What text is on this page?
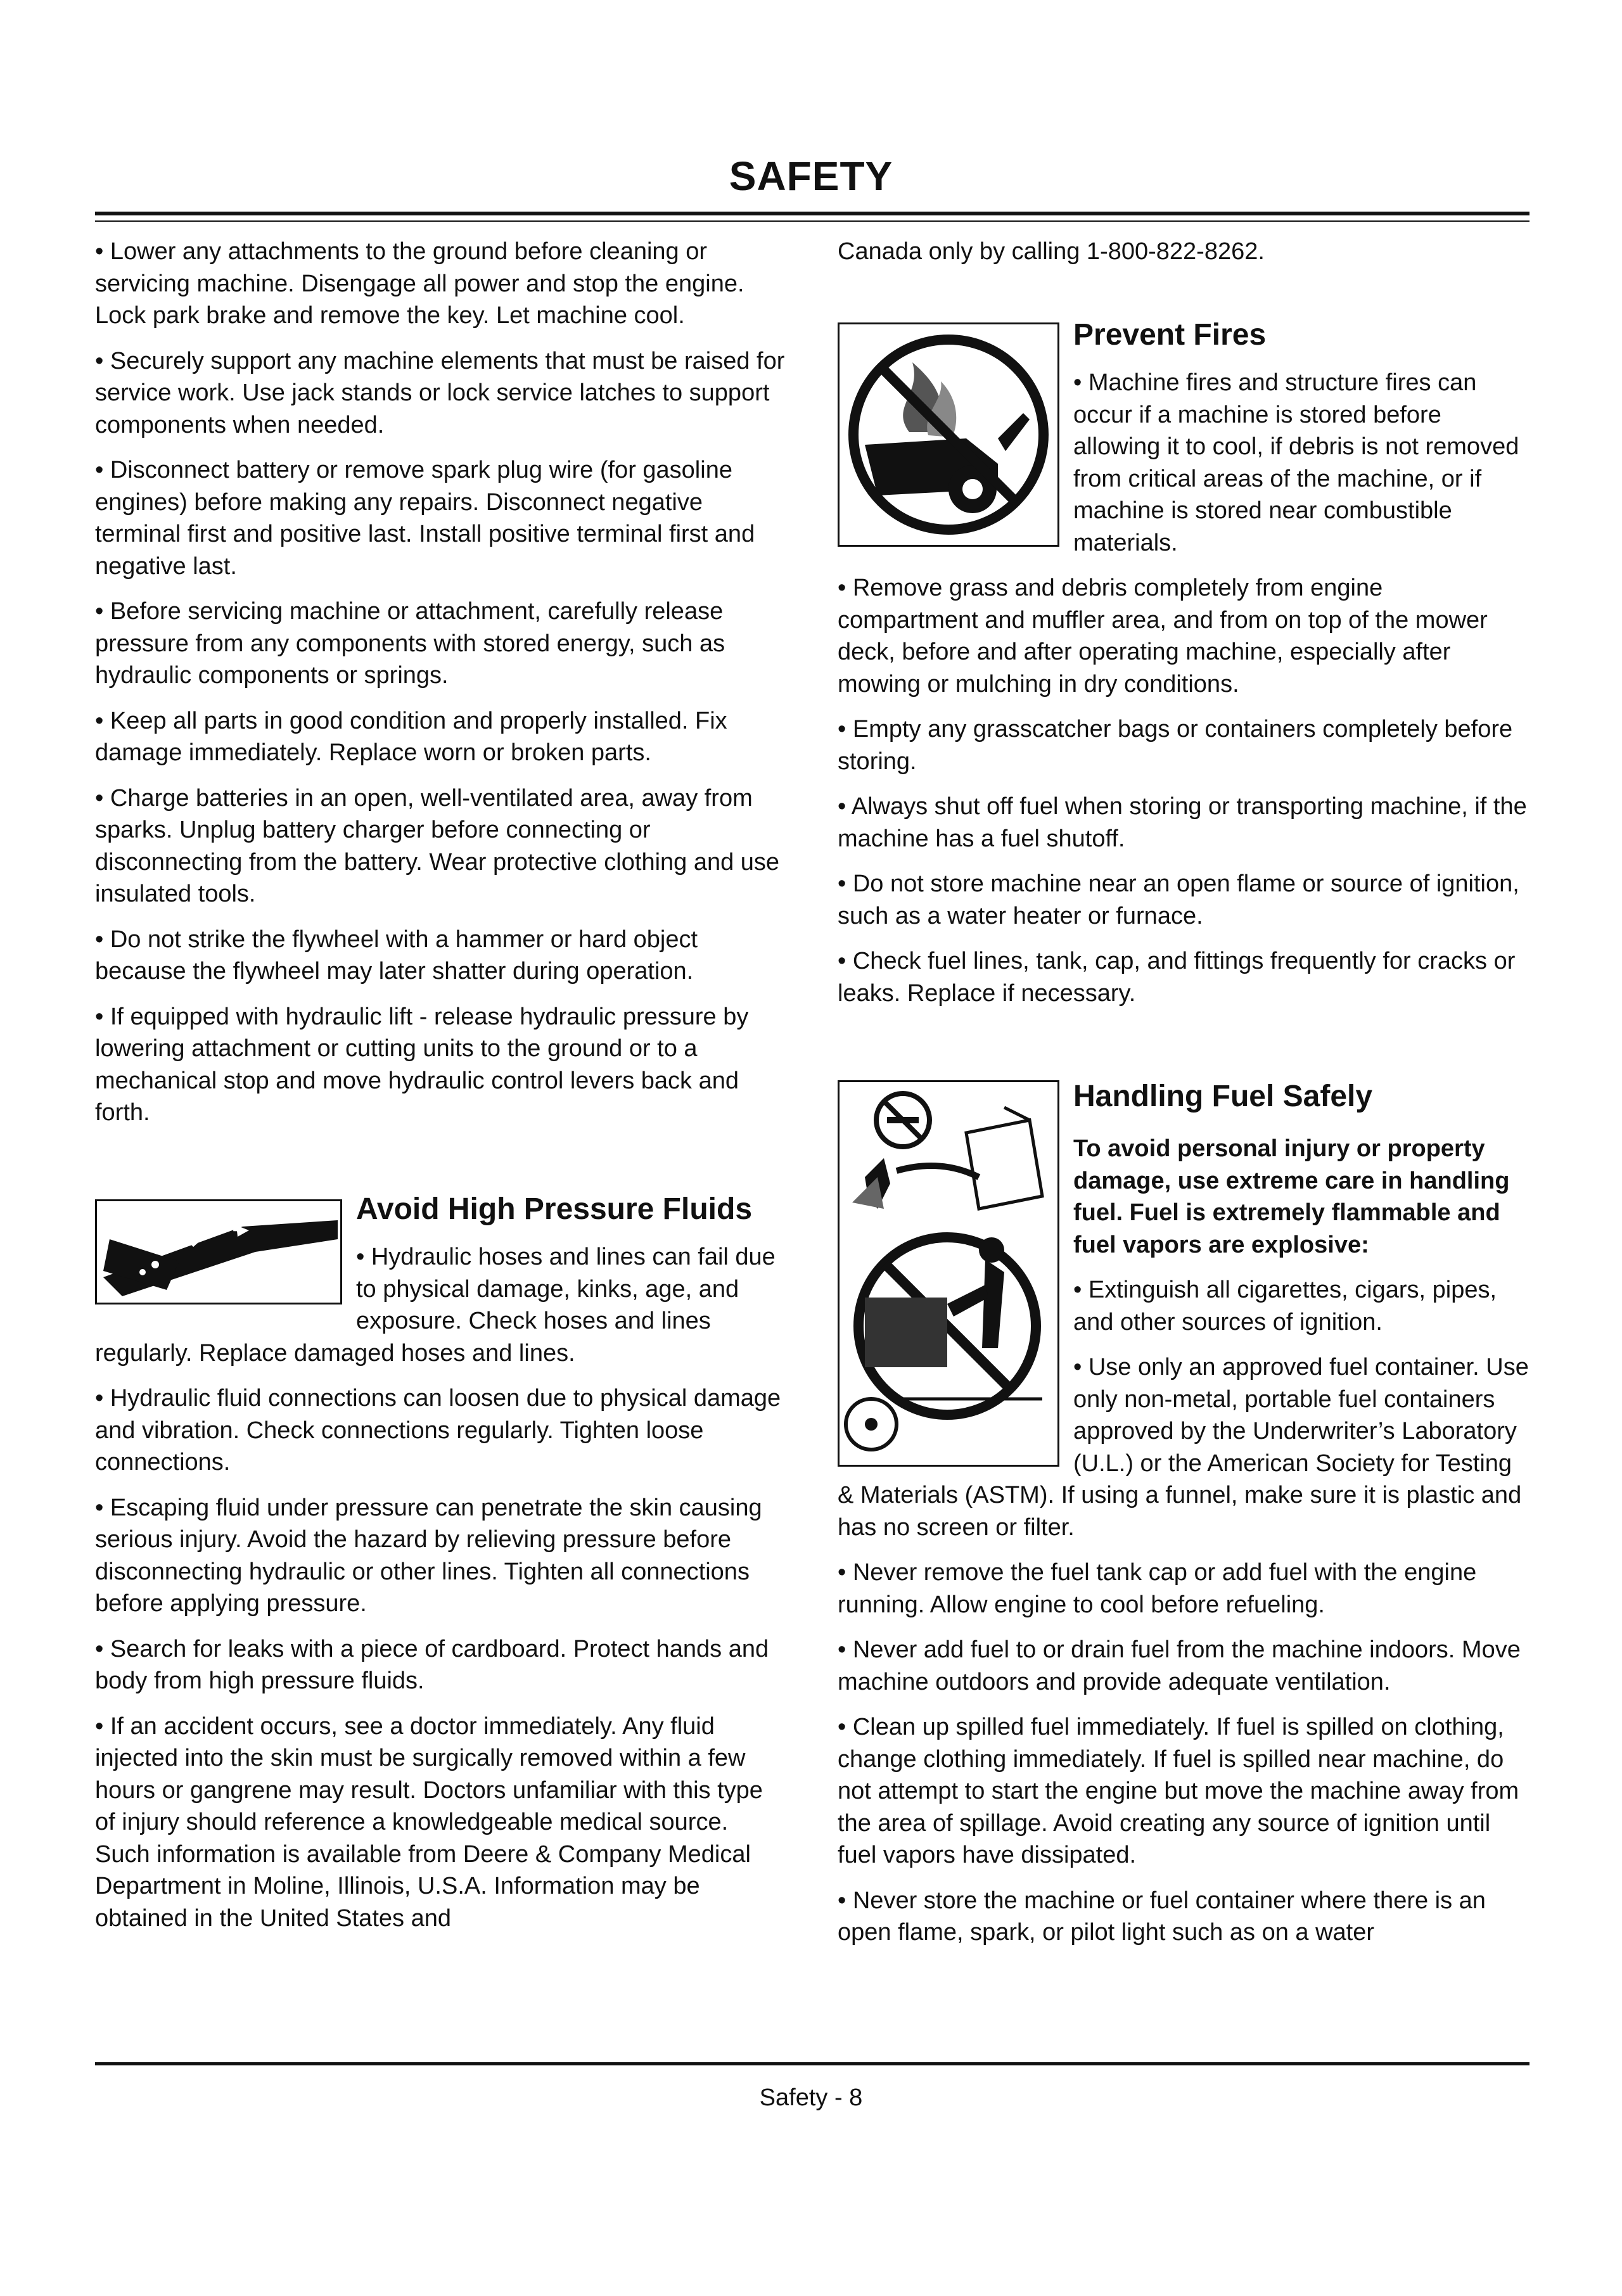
SAFETY

• Lower any attachments to the ground before cleaning or servicing machine. Disengage all power and stop the engine. Lock park brake and remove the key. Let machine cool.

• Securely support any machine elements that must be raised for service work. Use jack stands or lock service latches to support components when needed.

• Disconnect battery or remove spark plug wire (for gasoline engines) before making any repairs. Disconnect negative terminal first and positive last. Install positive terminal first and negative last.

• Before servicing machine or attachment, carefully release pressure from any components with stored energy, such as hydraulic components or springs.

• Keep all parts in good condition and properly installed. Fix damage immediately. Replace worn or broken parts.

• Charge batteries in an open, well-ventilated area, away from sparks. Unplug battery charger before connecting or disconnecting from the battery. Wear protective clothing and use insulated tools.

• Do not strike the flywheel with a hammer or hard object because the flywheel may later shatter during operation.

• If equipped with hydraulic lift - release hydraulic pressure by lowering attachment or cutting units to the ground or to a mechanical stop and move hydraulic control levers back and forth.

Avoid High Pressure Fluids

• Hydraulic hoses and lines can fail due to physical damage, kinks, age, and exposure. Check hoses and lines regularly. Replace damaged hoses and lines.

• Hydraulic fluid connections can loosen due to physical damage and vibration. Check connections regularly. Tighten loose connections.

• Escaping fluid under pressure can penetrate the skin causing serious injury. Avoid the hazard by relieving pressure before disconnecting hydraulic or other lines. Tighten all connections before applying pressure.

• Search for leaks with a piece of cardboard. Protect hands and body from high pressure fluids.

• If an accident occurs, see a doctor immediately. Any fluid injected into the skin must be surgically removed within a few hours or gangrene may result. Doctors unfamiliar with this type of injury should reference a knowledgeable medical source. Such information is available from Deere & Company Medical Department in Moline, Illinois, U.S.A. Information may be obtained in the United States and

Canada only by calling 1-800-822-8262.

Prevent Fires

• Machine fires and structure fires can occur if a machine is stored before allowing it to cool, if debris is not removed from critical areas of the machine, or if machine is stored near combustible materials.

• Remove grass and debris completely from engine compartment and muffler area, and from on top of the mower deck, before and after operating machine, especially after mowing or mulching in dry conditions.

• Empty any grasscatcher bags or containers completely before storing.

• Always shut off fuel when storing or transporting machine, if the machine has a fuel shutoff.

• Do not store machine near an open flame or source of ignition, such as a water heater or furnace.

• Check fuel lines, tank, cap, and fittings frequently for cracks or leaks. Replace if necessary.

Handling Fuel Safely

To avoid personal injury or property damage, use extreme care in handling fuel. Fuel is extremely flammable and fuel vapors are explosive:

• Extinguish all cigarettes, cigars, pipes, and other sources of ignition.

• Use only an approved fuel container. Use only non-metal, portable fuel containers approved by the Underwriter’s Laboratory (U.L.) or the American Society for Testing & Materials (ASTM). If using a funnel, make sure it is plastic and has no screen or filter.

• Never remove the fuel tank cap or add fuel with the engine running. Allow engine to cool before refueling.

• Never add fuel to or drain fuel from the machine indoors. Move machine outdoors and provide adequate ventilation.

• Clean up spilled fuel immediately. If fuel is spilled on clothing, change clothing immediately. If fuel is spilled near machine, do not attempt to start the engine but move the machine away from the area of spillage. Avoid creating any source of ignition until fuel vapors have dissipated.

• Never store the machine or fuel container where there is an open flame, spark, or pilot light such as on a water

Safety - 8
